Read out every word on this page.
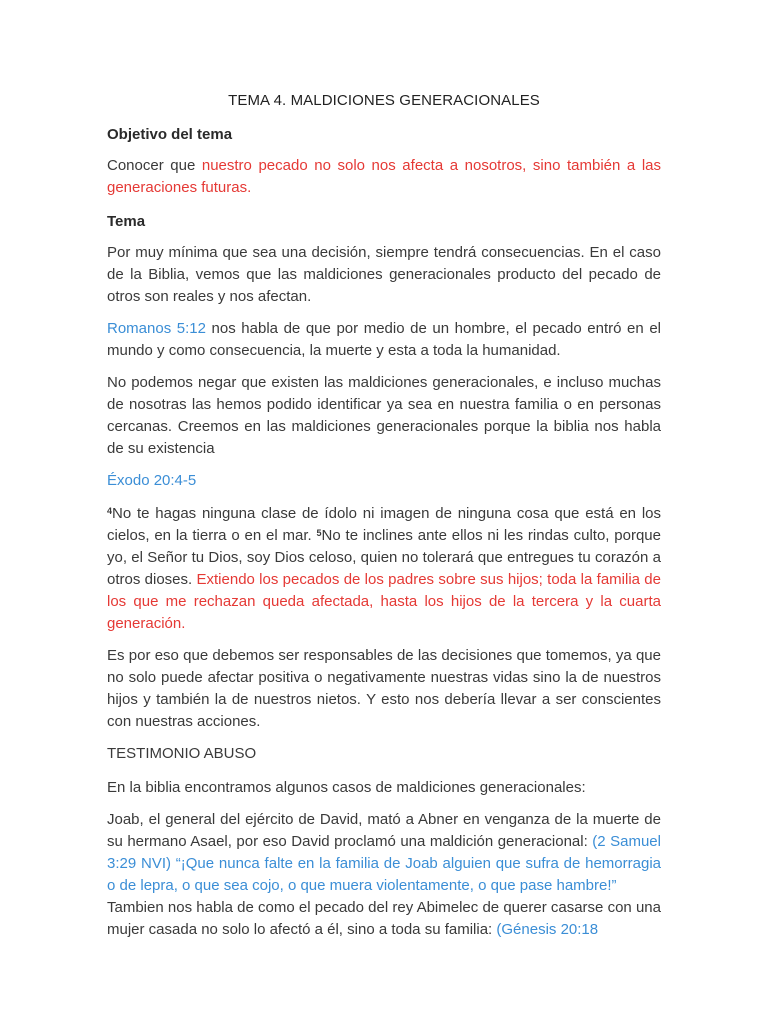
TEMA 4. MALDICIONES GENERACIONALES
Objetivo del tema

Conocer que nuestro pecado no solo nos afecta a nosotros, sino también a las generaciones futuras.

Tema

Por muy mínima que sea una decisión, siempre tendrá consecuencias. En el caso de la Biblia, vemos que las maldiciones generacionales producto del pecado de otros son reales y nos afectan.

Romanos 5:12 nos habla de que por medio de un hombre, el pecado entró en el mundo y como consecuencia, la muerte y esta a toda la humanidad.

No podemos negar que existen las maldiciones generacionales, e incluso muchas de nosotras las hemos podido identificar ya sea en nuestra familia o en personas cercanas. Creemos en las maldiciones generacionales porque la biblia nos habla de su existencia

Éxodo 20:4-5

$^4$No te hagas ninguna clase de ídolo ni imagen de ninguna cosa que está en los cielos, en la tierra o en el mar. $^5$No te inclines ante ellos ni les rindas culto, porque yo, el Señor tu Dios, soy Dios celoso, quien no tolerará que entregues tu corazón a otros dioses. Extiendo los pecados de los padres sobre sus hijos; toda la familia de los que me rechazan queda afectada, hasta los hijos de la tercera y la cuarta generación.

Es por eso que debemos ser responsables de las decisiones que tomemos, ya que no solo puede afectar positiva o negativamente nuestras vidas sino la de nuestros hijos y también la de nuestros nietos. Y esto nos debería llevar a ser conscientes con nuestras acciones.

TESTIMONIO ABUSO

En la biblia encontramos algunos casos de maldiciones generacionales:

Joab, el general del ejército de David, mató a Abner en venganza de la muerte de su hermano Asael, por eso David proclamó una maldición generacional: (2 Samuel 3:29 NVI) “¡Que nunca falte en la familia de Joab alguien que sufra de hemorragia o de lepra, o que sea cojo, o que muera violentamente, o que pase hambre!”

Tambien nos habla de como el pecado del rey Abimelec de querer casarse con una mujer casada no solo lo afectó a él, sino a toda su familia: (Génesis 20:18
